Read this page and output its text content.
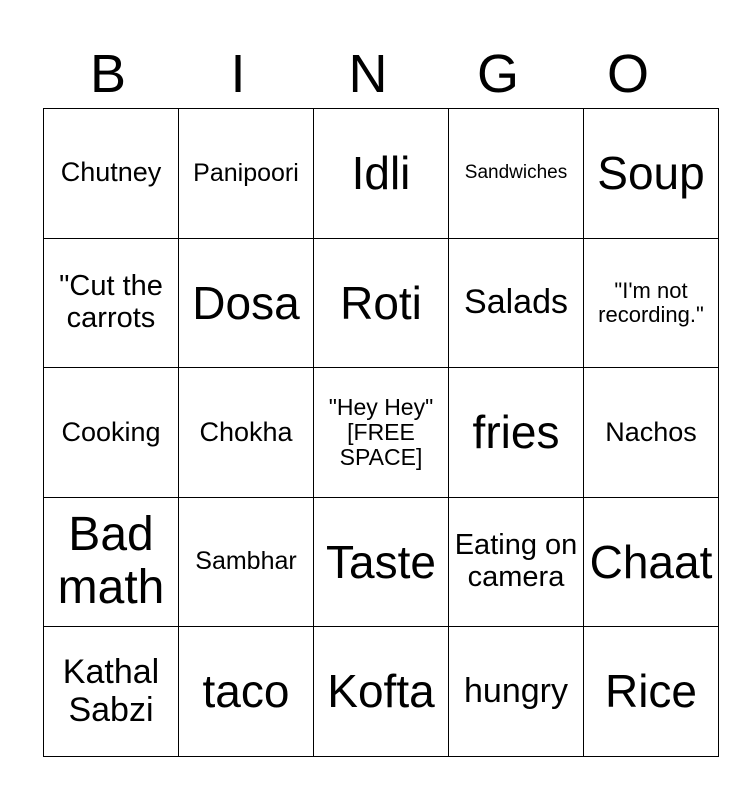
B	I	N	G	O
Chutney	Panipoori	Idli	Sandwiches	Soup
"Cut the carrots	Dosa	Roti	Salads	"I'm not recording."
Cooking	Chokha	"Hey Hey" [FREE SPACE]	fries	Nachos
Bad math	Sambhar	Taste	Eating on camera	Chaat
Kathal Sabzi	taco	Kofta	hungry	Rice
